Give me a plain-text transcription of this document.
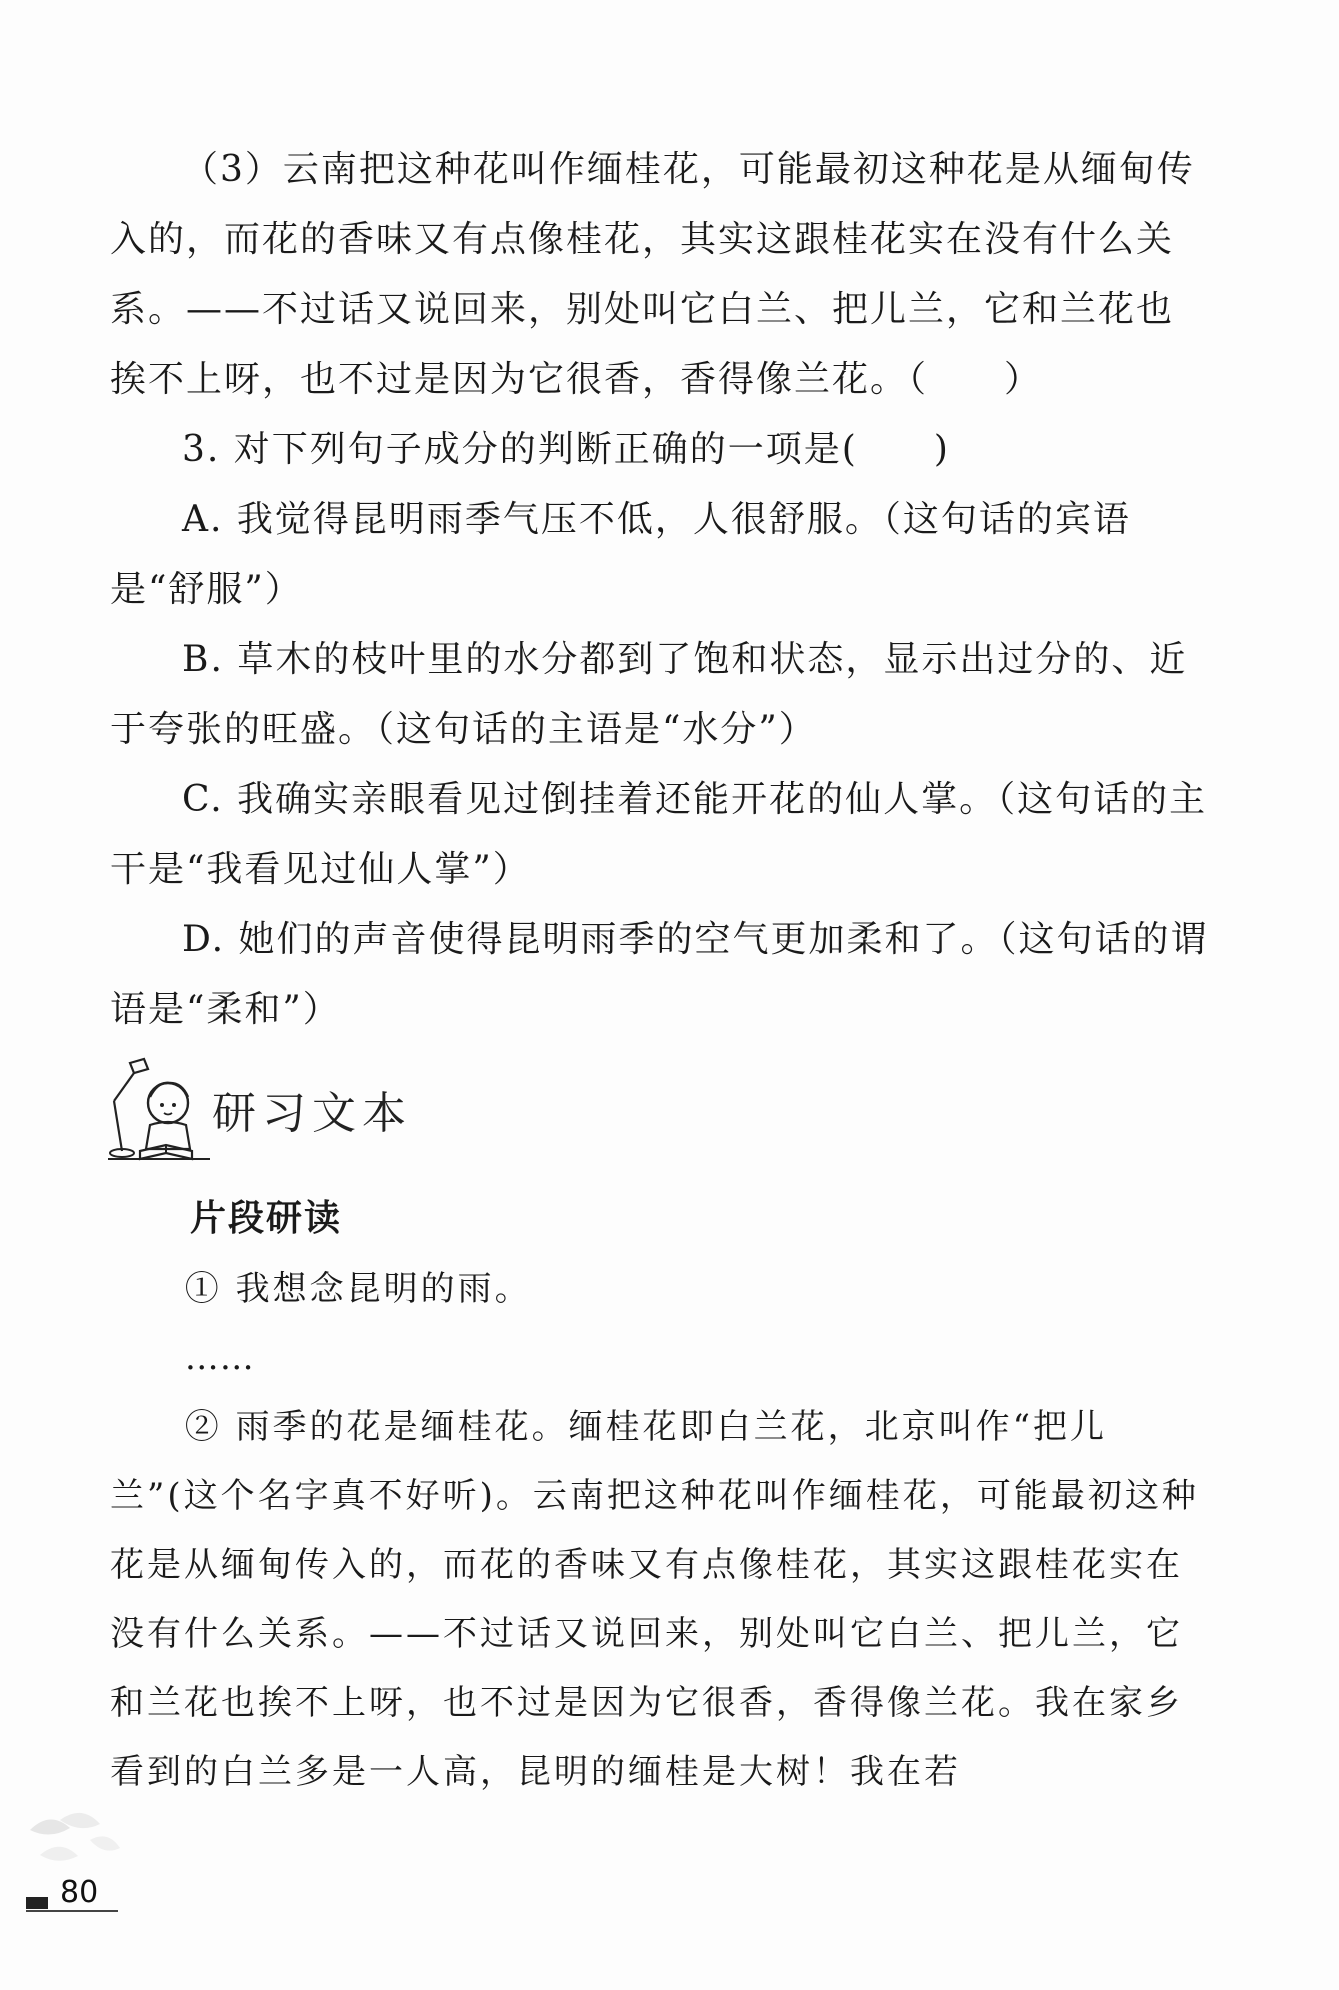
（3）云南把这种花叫作缅桂花，可能最初这种花是从缅甸传入的，而花的香味又有点像桂花，其实这跟桂花实在没有什么关系。——不过话又说回来，别处叫它白兰、把儿兰，它和兰花也挨不上呀，也不过是因为它很香，香得像兰花。（　　）

3. 对下列句子成分的判断正确的一项是(　　)

A. 我觉得昆明雨季气压不低，人很舒服。（这句话的宾语是“舒服”）

B. 草木的枝叶里的水分都到了饱和状态，显示出过分的、近于夸张的旺盛。（这句话的主语是“水分”）

C. 我确实亲眼看见过倒挂着还能开花的仙人掌。（这句话的主干是“我看见过仙人掌”）

D. 她们的声音使得昆明雨季的空气更加柔和了。（这句话的谓语是“柔和”）

研习文本
片段研读

① 我想念昆明的雨。

……

② 雨季的花是缅桂花。缅桂花即白兰花，北京叫作“把儿兰”(这个名字真不好听)。云南把这种花叫作缅桂花，可能最初这种花是从缅甸传入的，而花的香味又有点像桂花，其实这跟桂花实在没有什么关系。——不过话又说回来，别处叫它白兰、把儿兰，它和兰花也挨不上呀，也不过是因为它很香，香得像兰花。我在家乡看到的白兰多是一人高，昆明的缅桂是大树！我在若

80
